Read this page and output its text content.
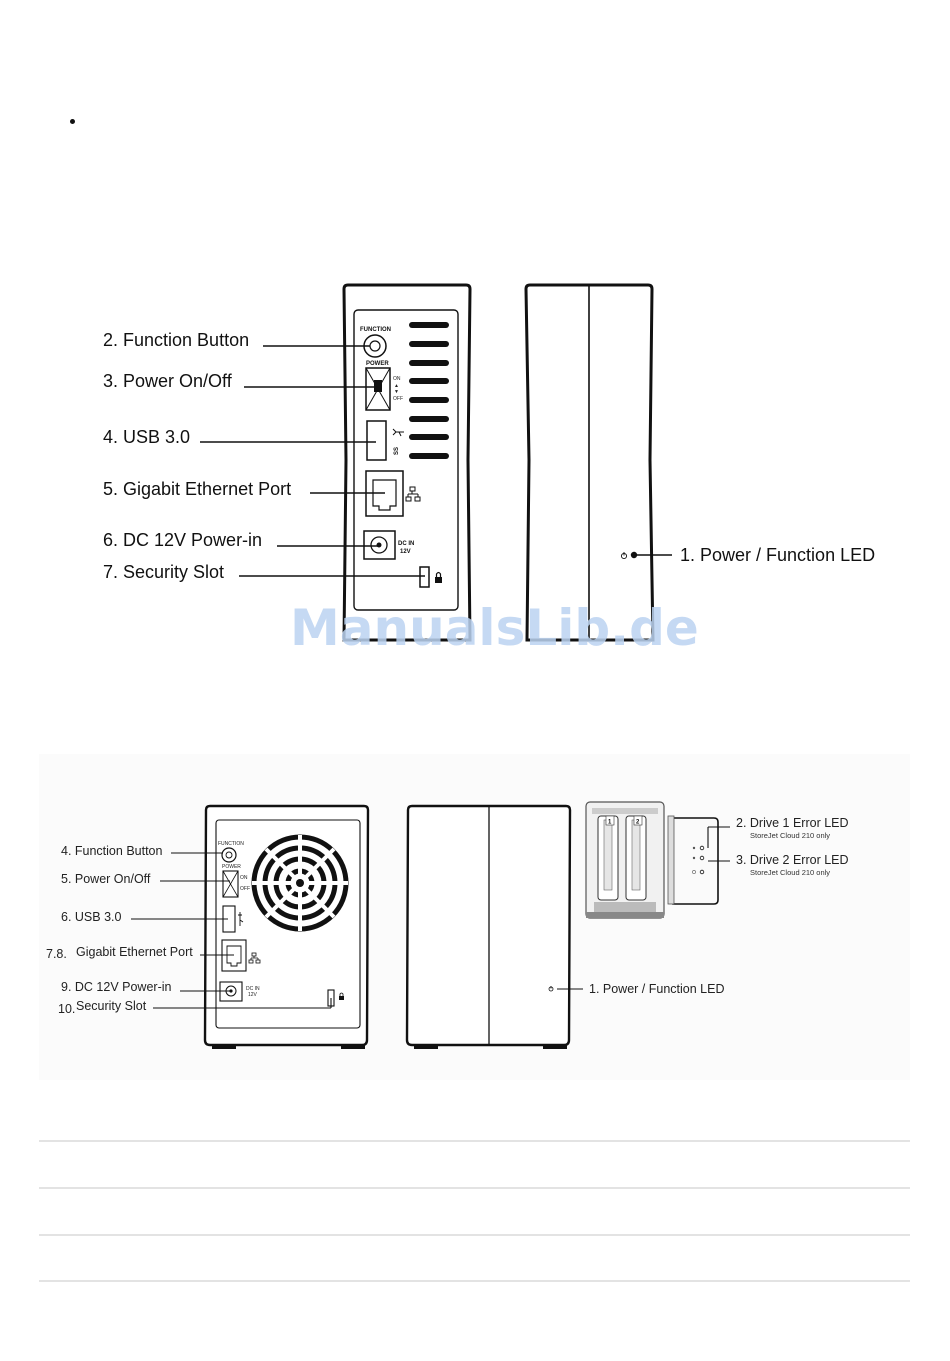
FUNCTION
POWER
ON
▲
▼
OFF
SS
DC IN
12V
2. Function Button
3. Power On/Off
4. USB 3.0
5. Gigabit Ethernet Port
6. DC 12V Power-in
7. Security Slot
1. Power / Function LED
ManualsLib.de
FUNCTION
POWER
ON
OFF
DC IN
12V
1	2
4. Function Button
5. Power On/Off
6. USB 3.0
7.8. Gigabit Ethernet Port
9. DC 12V Power-in
10. Security Slot
1. Power / Function LED
2. Drive 1 Error LED
StoreJet Cloud 210 only
3. Drive 2 Error LED
StoreJet Cloud 210 only
